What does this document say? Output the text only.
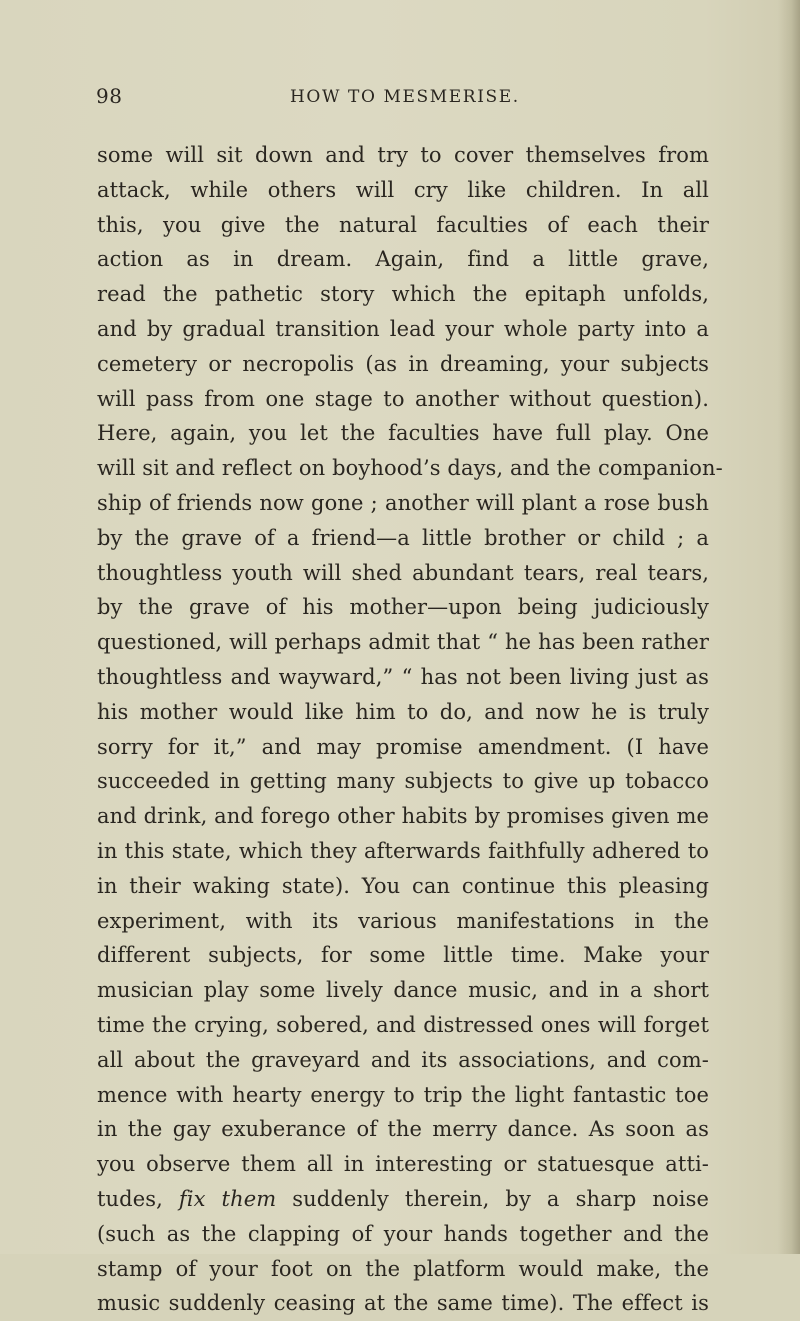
98	HOW TO MESMERISE.
some will sit down and try to cover themselves from
attack, while others will cry like children. In all
this, you give the natural faculties of each their
action as in dream. Again, find a little grave,
read the pathetic story which the epitaph unfolds,
and by gradual transition lead your whole party into a
cemetery or necropolis (as in dreaming, your subjects
will pass from one stage to another without question).
Here, again, you let the faculties have full play. One
will sit and reflect on boyhood’s days, and the companion-
ship of friends now gone ; another will plant a rose bush
by the grave of a friend—a little brother or child ; a
thoughtless youth will shed abundant tears, real tears,
by the grave of his mother—upon being judiciously
questioned, will perhaps admit that “ he has been rather
thoughtless and wayward,” “ has not been living just as
his mother would like him to do, and now he is truly
sorry for it,” and may promise amendment. (I have
succeeded in getting many subjects to give up tobacco
and drink, and forego other habits by promises given me
in this state, which they afterwards faithfully adhered to
in their waking state). You can continue this pleasing
experiment, with its various manifestations in the
different subjects, for some little time. Make your
musician play some lively dance music, and in a short
time the crying, sobered, and distressed ones will forget
all about the graveyard and its associations, and com-
mence with hearty energy to trip the light fantastic toe
in the gay exuberance of the merry dance. As soon as
you observe them all in interesting or statuesque atti-
tudes, fix them suddenly therein, by a sharp noise
(such as the clapping of your hands together and the
stamp of your foot on the platform would make, the
music suddenly ceasing at the same time). The effect is
